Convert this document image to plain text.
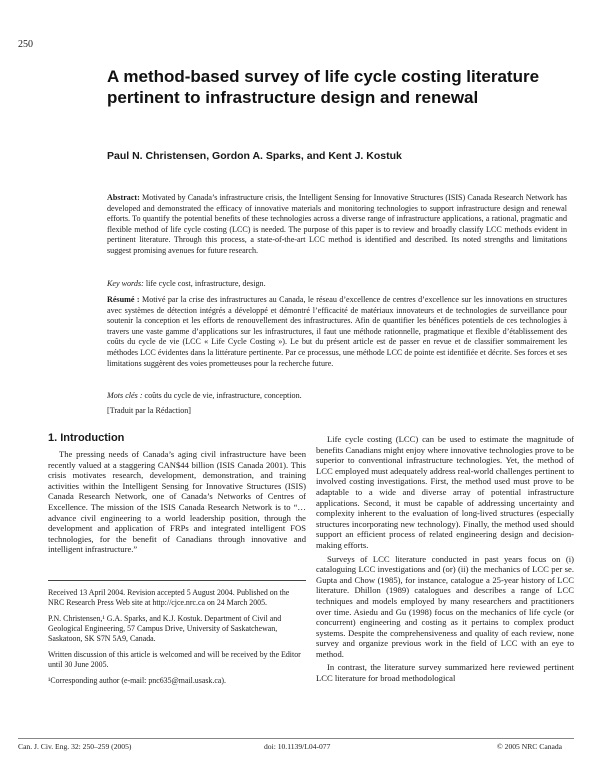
250
A method-based survey of life cycle costing literature pertinent to infrastructure design and renewal
Paul N. Christensen, Gordon A. Sparks, and Kent J. Kostuk
Abstract: Motivated by Canada’s infrastructure crisis, the Intelligent Sensing for Innovative Structures (ISIS) Canada Research Network has developed and demonstrated the efficacy of innovative materials and monitoring technologies to support infrastructure design and renewal efforts. To quantify the potential benefits of these technologies across a diverse range of infrastructure applications, a rational, pragmatic and flexible method of life cycle costing (LCC) is needed. The purpose of this paper is to review and broadly classify LCC methods evident in pertinent literature. Through this process, a state-of-the-art LCC method is identified and described. Its noted strengths and limitations suggest promising avenues for future research.
Key words: life cycle cost, infrastructure, design.
Résumé : Motivé par la crise des infrastructures au Canada, le réseau d’excellence de centres d’excellence sur les innovations en structures avec systèmes de détection intégrés a développé et démontré l’efficacité de matériaux innovateurs et de technologies de surveillance pour soutenir la conception et les efforts de renouvellement des infrastructures. Afin de quantifier les bénéfices potentiels de ces technologies à travers une vaste gamme d’applications sur les infrastructures, il faut une méthode rationnelle, pragmatique et flexible d’établissement des coûts du cycle de vie (LCC « Life Cycle Costing »). Le but du présent article est de passer en revue et de classifier sommairement les méthodes LCC évidentes dans la littérature pertinente. Par ce processus, une méthode LCC de pointe est identifiée et décrite. Ses forces et ses limitations suggèrent des voies prometteuses pour la recherche future.
Mots clés : coûts du cycle de vie, infrastructure, conception.
[Traduit par la Rédaction]
1. Introduction

The pressing needs of Canada’s aging civil infrastructure have been recently valued at a staggering CAN$44 billion (ISIS Canada 2001). This crisis motivates research, development, demonstration, and training activities within the Intelligent Sensing for Innovative Structures (ISIS) Canada Research Network, one of Canada’s Networks of Centres of Excellence. The mission of the ISIS Canada Research Network is to “… advance civil engineering to a world leadership position, through the development and application of FRPs and integrated intelligent FOS technologies, for the benefit of Canadians through innovative and intelligent infrastructure.”

Received 13 April 2004. Revision accepted 5 August 2004. Published on the NRC Research Press Web site at http://cjce.nrc.ca on 24 March 2005.

P.N. Christensen,¹ G.A. Sparks, and K.J. Kostuk. Department of Civil and Geological Engineering, 57 Campus Drive, University of Saskatchewan, Saskatoon, SK S7N 5A9, Canada.

Written discussion of this article is welcomed and will be received by the Editor until 30 June 2005.

¹Corresponding author (e-mail: pnc635@mail.usask.ca).

Life cycle costing (LCC) can be used to estimate the magnitude of benefits Canadians might enjoy where innovative technologies prove to be superior to conventional infrastructure technologies. Yet, the method of LCC employed must adequately address real-world challenges pertinent to involved costing investigations. First, the method used must prove to be adaptable to a wide and diverse array of potential infrastructure applications. Second, it must be capable of addressing uncertainty and complexity inherent to the evaluation of long-lived structures (especially structures incorporating new technology). Finally, the method used should support an efficient process of related engineering design and decision-making efforts.

Surveys of LCC literature conducted in past years focus on (i) cataloguing LCC investigations and (or) (ii) the mechanics of LCC per se. Gupta and Chow (1985), for instance, catalogue a 25-year history of LCC literature. Dhillon (1989) catalogues and describes a range of LCC techniques and models employed by many researchers and practitioners over time. Asiedu and Gu (1998) focus on the mechanics of life cycle (or concurrent) engineering and costing as it pertains to complex product systems. Despite the comprehensiveness and quality of each review, none survey and organize previous work in the field of LCC with an eye to method.

In contrast, the literature survey summarized here reviewed pertinent LCC literature for broad methodological

Can. J. Civ. Eng. 32: 250–259 (2005)	doi: 10.1139/L04-077	© 2005 NRC Canada
